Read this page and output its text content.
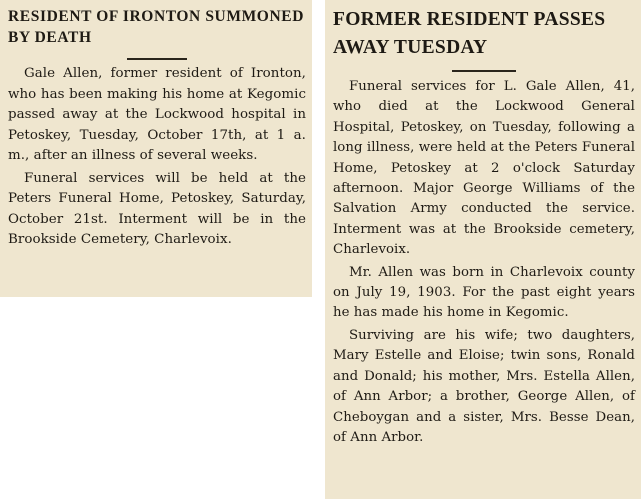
RESIDENT OF IRONTON SUMMONED BY DEATH

Gale Allen, former resident of Ironton, who has been making his home at Kegomic passed away at the Lockwood hospital in Petoskey, Tuesday, October 17th, at 1 a. m., after an illness of several weeks.

Funeral services will be held at the Peters Funeral Home, Petoskey, Saturday, October 21st. Interment will be in the Brookside Cemetery, Charlevoix.

FORMER RESIDENT PASSES AWAY TUESDAY

Funeral services for L. Gale Allen, 41, who died at the Lockwood General Hospital, Petoskey, on Tuesday, following a long illness, were held at the Peters Funeral Home, Petoskey at 2 o'clock Saturday afternoon. Major George Williams of the Salvation Army conducted the service. Interment was at the Brookside cemetery, Charlevoix.

Mr. Allen was born in Charlevoix county on July 19, 1903. For the past eight years he has made his home in Kegomic.

Surviving are his wife; two daughters, Mary Estelle and Eloise; twin sons, Ronald and Donald; his mother, Mrs. Estella Allen, of Ann Arbor; a brother, George Allen, of Cheboygan and a sister, Mrs. Besse Dean, of Ann Arbor.
